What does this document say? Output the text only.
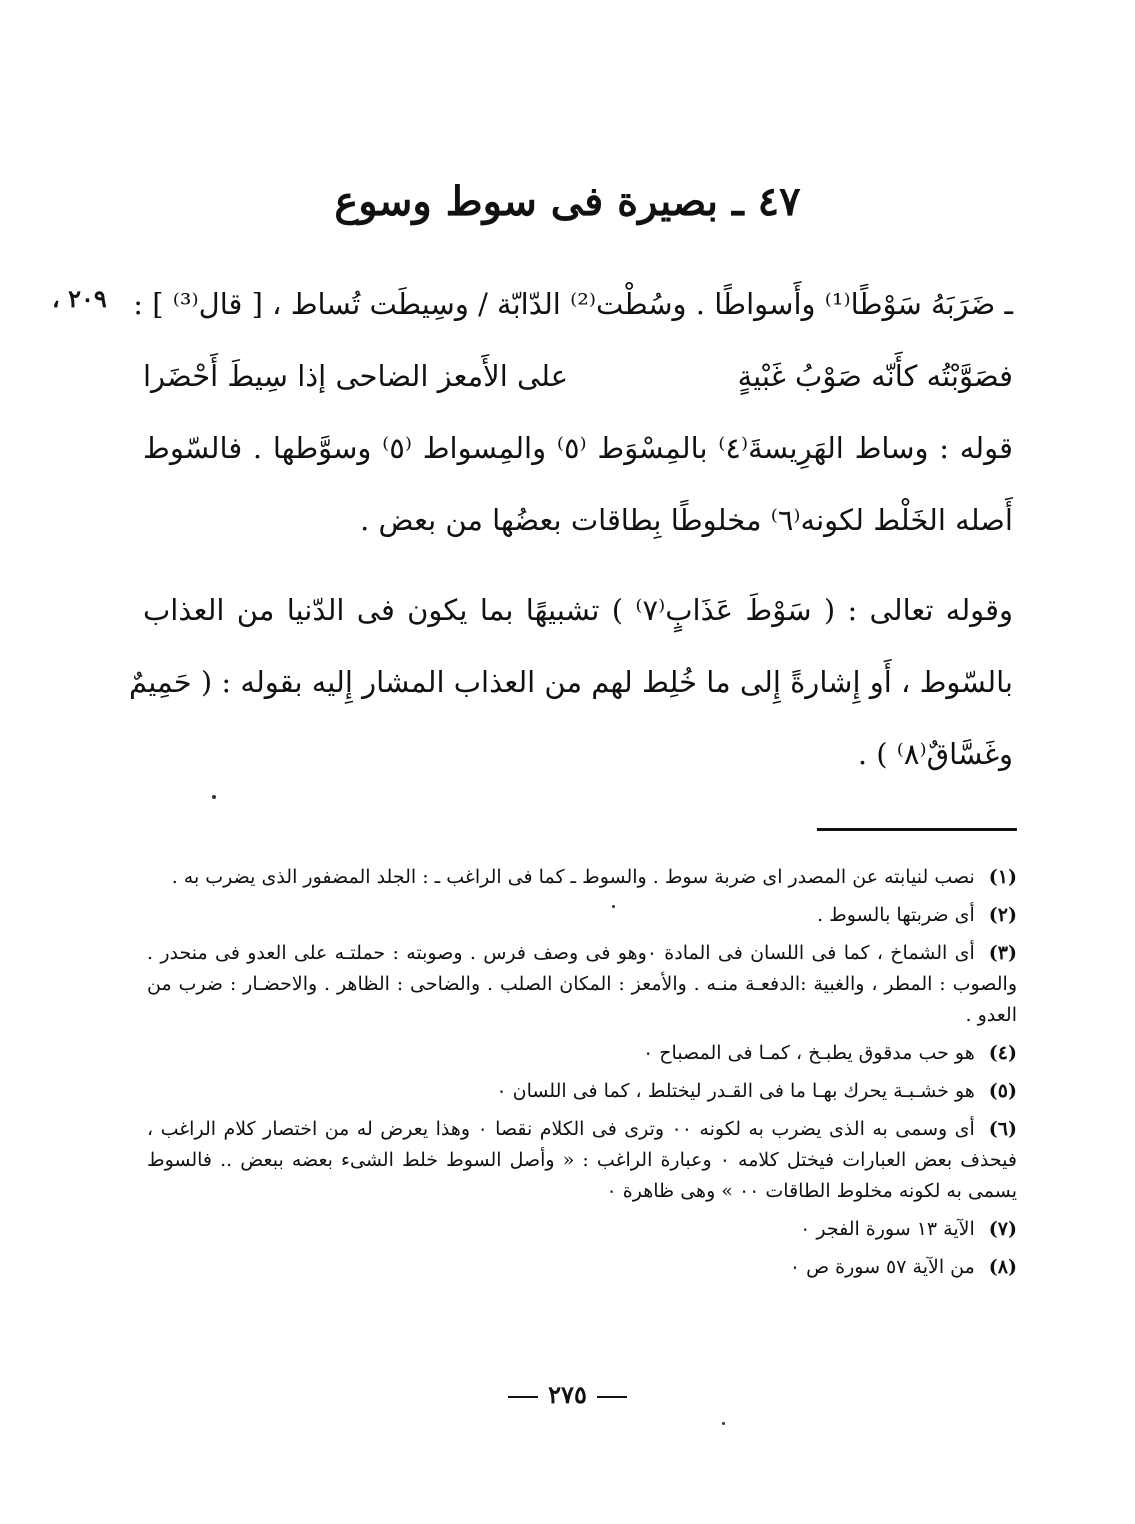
٤٧ ـ بصيرة فى سوط وسوع
٢٠٩ ، ـ ضَرَبَهُ سَوْطًا⁽¹⁾ وأَسواطًا . وسُطْت⁽²⁾ الدّابّة / وسِيطَت تُساط ، [ قال⁽³⁾ ] :
فصَوَّبْتُه كأَنّه صَوْبُ غَبْيةٍ
على الأَمعز الضاحى إذا سِيطَ أَحْضَرا
قوله : وساط الهَرِيسةَ⁽٤⁾ بالمِسْوَط ⁽٥⁾ والمِسواط ⁽٥⁾ وسوَّطها . فالسّوط
أَصله الخَلْط لكونه⁽٦⁾ مخلوطًا بِطاقات بعضُها من بعض .
وقوله تعالى : ( سَوْطَ عَذَابٍ⁽٧⁾ ) تشبيهًا بما يكون فى الدّنيا من العذاب
بالسّوط ، أَو إِشارةً إِلى ما خُلِط لهم من العذاب المشار إِليه بقوله : ( حَمِيمٌ
وغَسَّاقٌ⁽٨⁾ ) .

(١)نصب لنيابته عن المصدر اى ضربة سوط . والسوط ـ كما فى الراغب ـ : الجلد المضفور الذى يضرب به .

(٢)أى ضربتها بالسوط .

(٣)أى الشماخ ، كما فى اللسان فى المادة ٠وهو فى وصف فرس . وصوبته : حملتـه على العدو فى منحدر . والصوب : المطر ، والغبية :الدفعـة منـه . والأمعز : المكان الصلب . والضاحى : الظاهر . والاحضـار : ضرب من العدو .

(٤)هو حب مدقوق يطبـخ ، كمـا فى المصباح ٠

(٥)هو خشـبـة يحرك بهـا ما فى القـدر ليختلط ، كما فى اللسان ٠

(٦)أى وسمى به الذى يضرب به لكونه ٠٠ وترى فى الكلام نقصا ٠ وهذا يعرض له من اختصار كلام الراغب ، فيحذف بعض العبارات فيختل كلامه ٠ وعبارة الراغب : « وأصل السوط خلط الشىء بعضه ببعض .. فالسوط يسمى به لكونه مخلوط الطاقات ٠٠ » وهى ظاهرة ٠

(٧)الآية ١٣ سورة الفجر ٠

(٨)من الآية ٥٧ سورة ص ٠

٢٧٥
